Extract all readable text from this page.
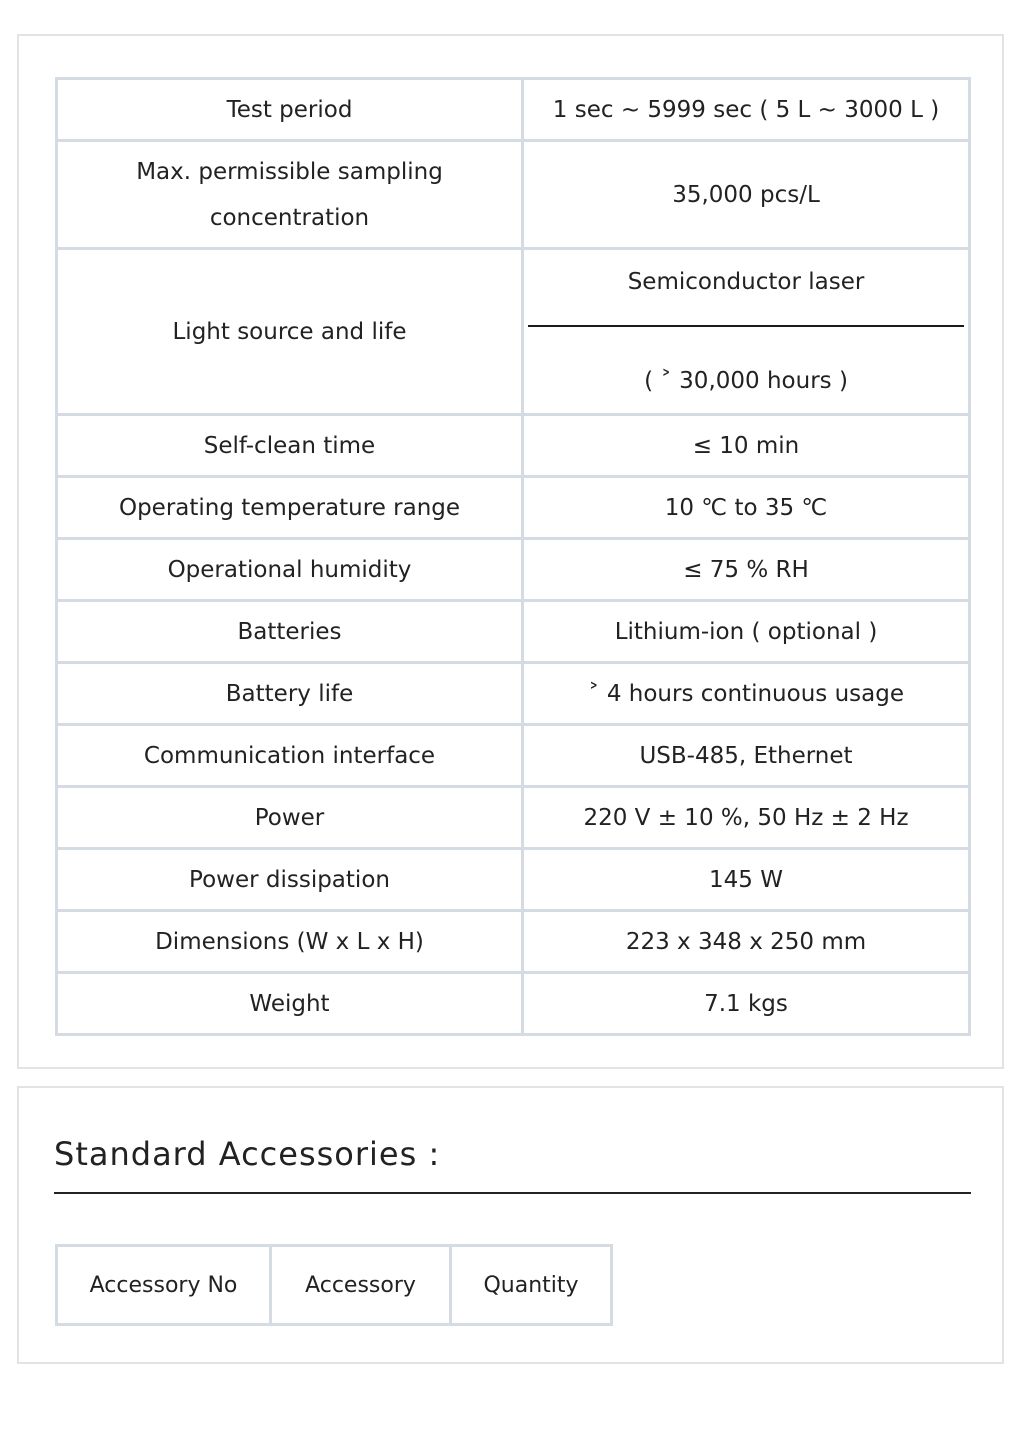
Test period	1 sec ~ 5999 sec ( 5 L ~ 3000 L )
Max. permissible sampling concentration	35,000 pcs/L
Light source and life	Semiconductor laser
( ˃ 30,000 hours )

Self-clean time	≤ 10 min
Operating temperature range	10 ℃ to 35 ℃
Operational humidity	≤ 75 % RH
Batteries	Lithium-ion ( optional )
Battery life	˃ 4 hours continuous usage
Communication interface	USB-485, Ethernet
Power	220 V ± 10 %, 50 Hz ± 2 Hz
Power dissipation	145 W
Dimensions (W x L x H)	223 x 348 x 250 mm
Weight	7.1 kgs
Standard Accessories :
Accessory No	Accessory	Quantity
